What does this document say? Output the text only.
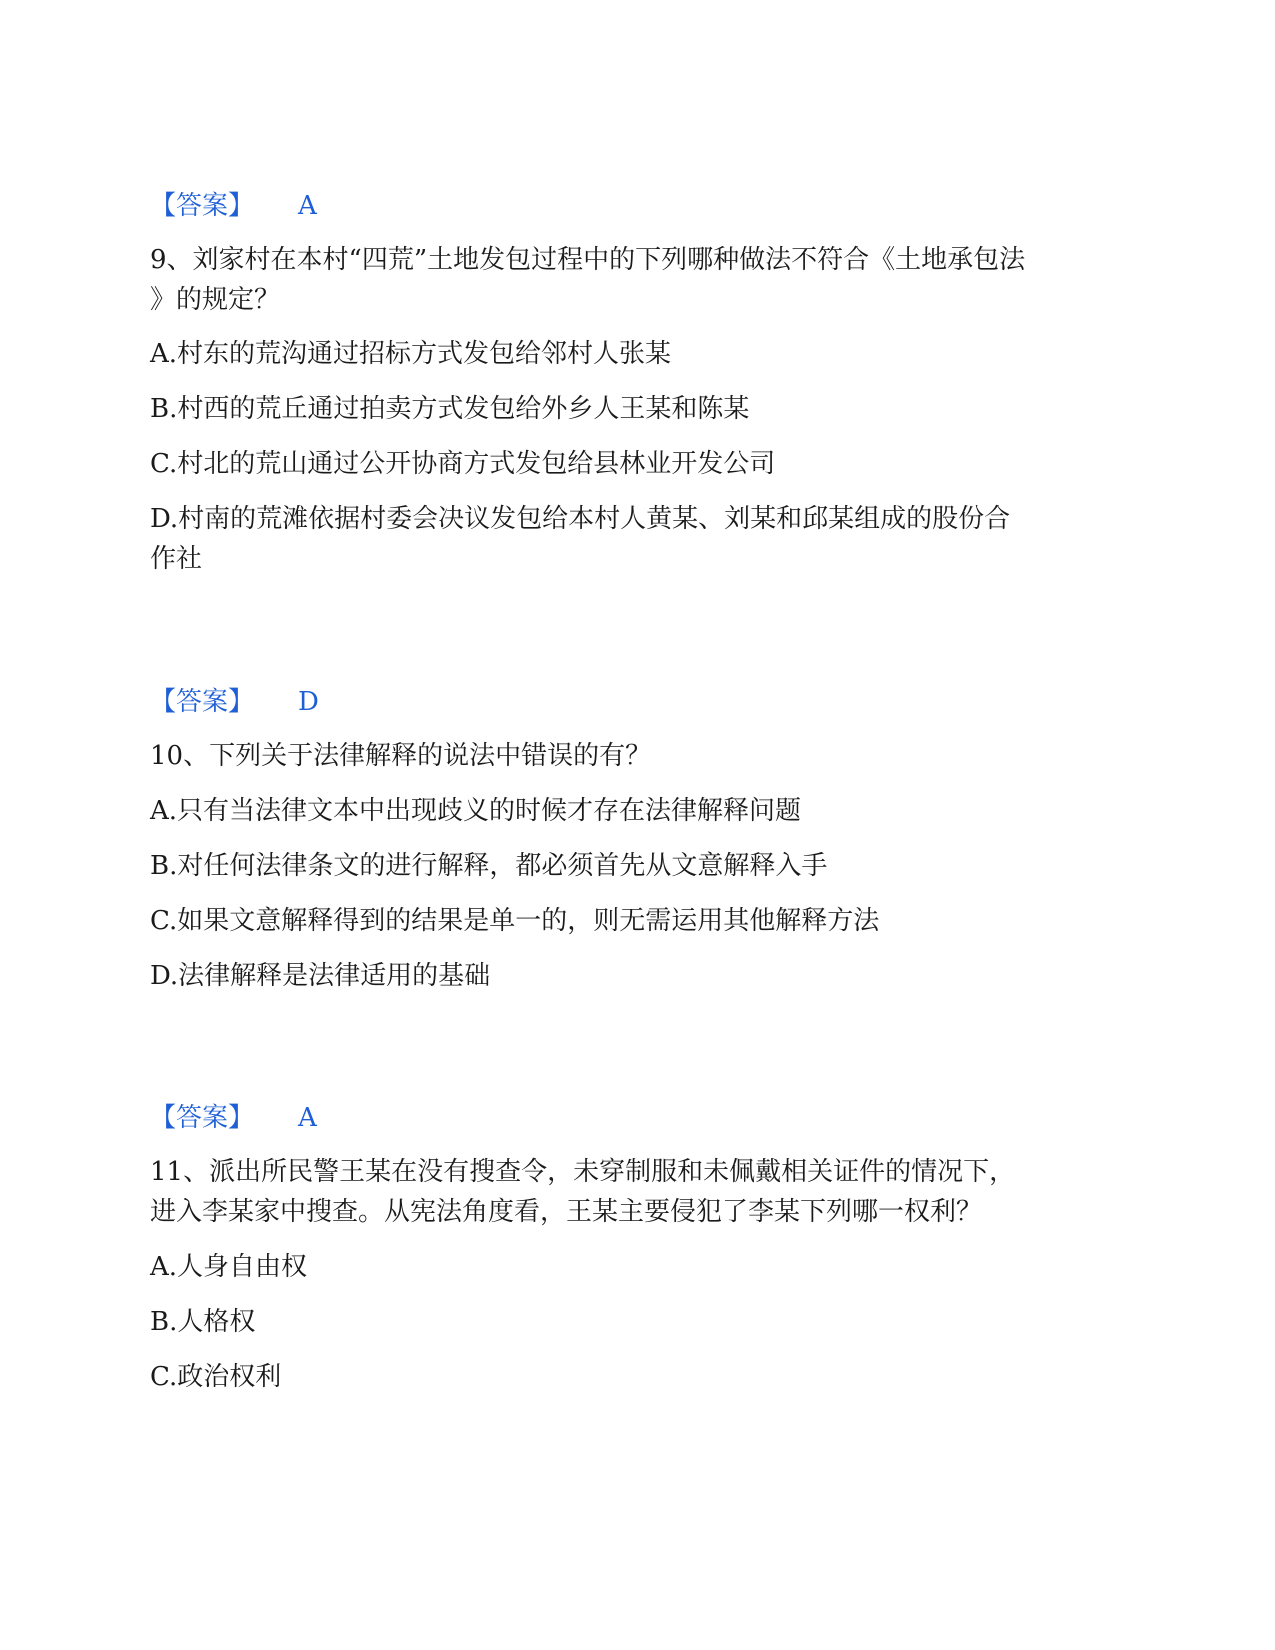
【答案】 A
9、刘家村在本村“四荒”土地发包过程中的下列哪种做法不符合《土地承包法
》的规定？
A.村东的荒沟通过招标方式发包给邻村人张某
B.村西的荒丘通过拍卖方式发包给外乡人王某和陈某
C.村北的荒山通过公开协商方式发包给县林业开发公司
D.村南的荒滩依据村委会决议发包给本村人黄某、刘某和邱某组成的股份合
作社
【答案】 D
10、下列关于法律解释的说法中错误的有？
A.只有当法律文本中出现歧义的时候才存在法律解释问题
B.对任何法律条文的进行解释，都必须首先从文意解释入手
C.如果文意解释得到的结果是单一的，则无需运用其他解释方法
D.法律解释是法律适用的基础
【答案】 A
11、派出所民警王某在没有搜查令，未穿制服和未佩戴相关证件的情况下，
进入李某家中搜查。从宪法角度看，王某主要侵犯了李某下列哪一权利？
A.人身自由权
B.人格权
C.政治权利
